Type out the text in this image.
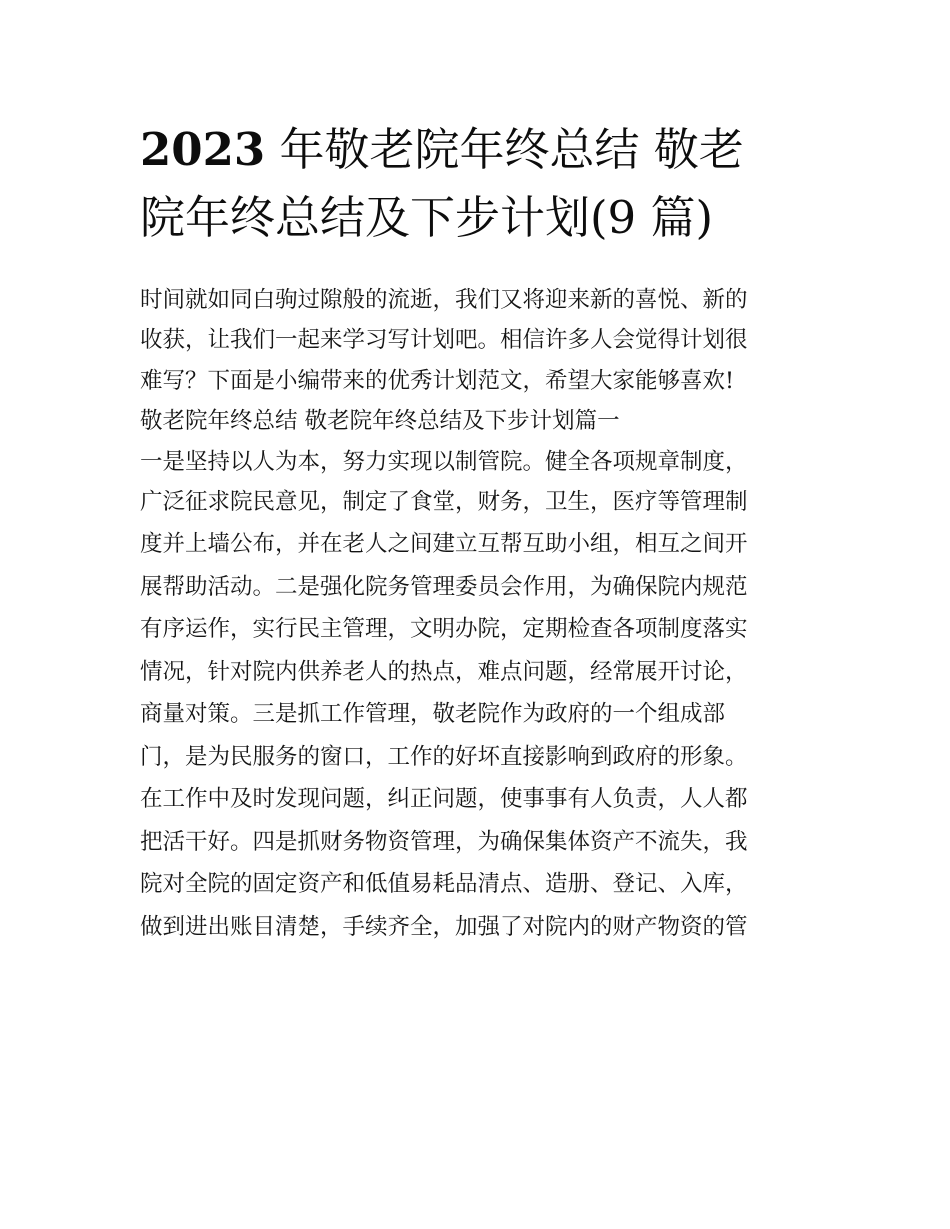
2023 年敬老院年终总结 敬老
院年终总结及下步计划(9 篇)
时间就如同白驹过隙般的流逝，我们又将迎来新的喜悦、新的
收获，让我们一起来学习写计划吧。相信许多人会觉得计划很
难写？下面是小编带来的优秀计划范文，希望大家能够喜欢!
敬老院年终总结 敬老院年终总结及下步计划篇一
一是坚持以人为本，努力实现以制管院。健全各项规章制度，
广泛征求院民意见，制定了食堂，财务，卫生，医疗等管理制
度并上墙公布，并在老人之间建立互帮互助小组，相互之间开
展帮助活动。二是强化院务管理委员会作用，为确保院内规范
有序运作，实行民主管理，文明办院，定期检查各项制度落实
情况，针对院内供养老人的热点，难点问题，经常展开讨论，
商量对策。三是抓工作管理，敬老院作为政府的一个组成部
门，是为民服务的窗口，工作的好坏直接影响到政府的形象。
在工作中及时发现问题，纠正问题，使事事有人负责，人人都
把活干好。四是抓财务物资管理，为确保集体资产不流失，我
院对全院的固定资产和低值易耗品清点、造册、登记、入库，
做到进出账目清楚，手续齐全，加强了对院内的财产物资的管
